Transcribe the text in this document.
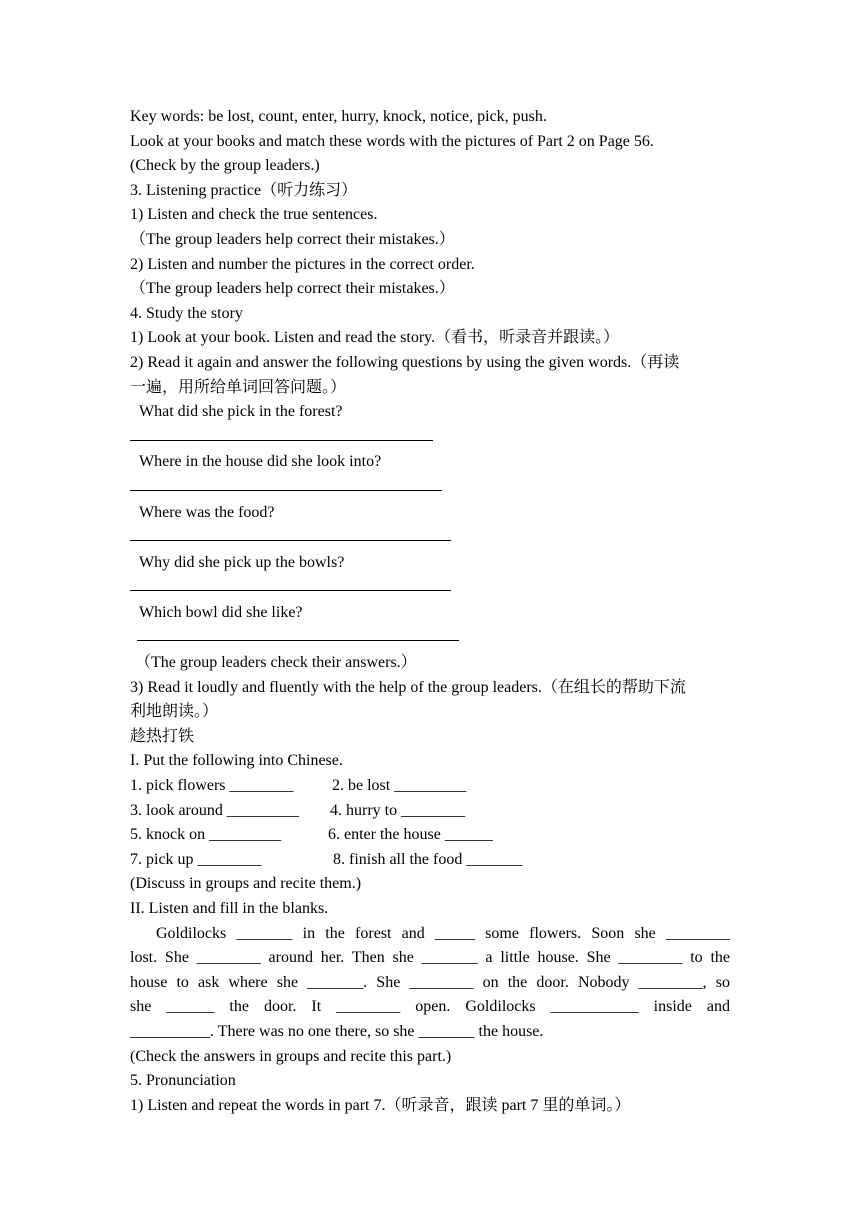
Key words: be lost, count, enter, hurry, knock, notice, pick, push.
Look at your books and match these words with the pictures of Part 2 on Page 56.
(Check by the group leaders.)
3. Listening practice（听力练习）
1) Listen and check the true sentences.
（The group leaders help correct their mistakes.）
2) Listen and number the pictures in the correct order.
（The group leaders help correct their mistakes.）
4. Study the story
1) Look at your book. Listen and read the story.（看书，听录音并跟读。）
2) Read it again and answer the following questions by using the given words.（再读
一遍，用所给单词回答问题。）
What did she pick in the forest?
Where in the house did she look into?
Where was the food?
Why did she pick up the bowls?
Which bowl did she like?
（The group leaders check their answers.）
3) Read it loudly and fluently with the help of the group leaders.（在组长的帮助下流
利地朗读。）
趁热打铁
I. Put the following into Chinese.
1. pick flowers ________	2. be lost _________
3. look around _________	4. hurry to ________
5. knock on _________	6. enter the house ______
7. pick up ________	8. finish all the food _______
(Discuss in groups and recite them.)
II. Listen and fill in the blanks.
Goldilocks _______ in the forest and _____ some flowers. Soon she ________
lost. She ________ around her. Then she _______ a little house. She ________ to the
house to ask where she _______. She ________ on the door. Nobody ________, so
she ______ the door. It ________ open. Goldilocks ___________ inside and
__________. There was no one there, so she _______ the house.
(Check the answers in groups and recite this part.)
5. Pronunciation
1) Listen and repeat the words in part 7.（听录音，跟读 part 7 里的单词。）
